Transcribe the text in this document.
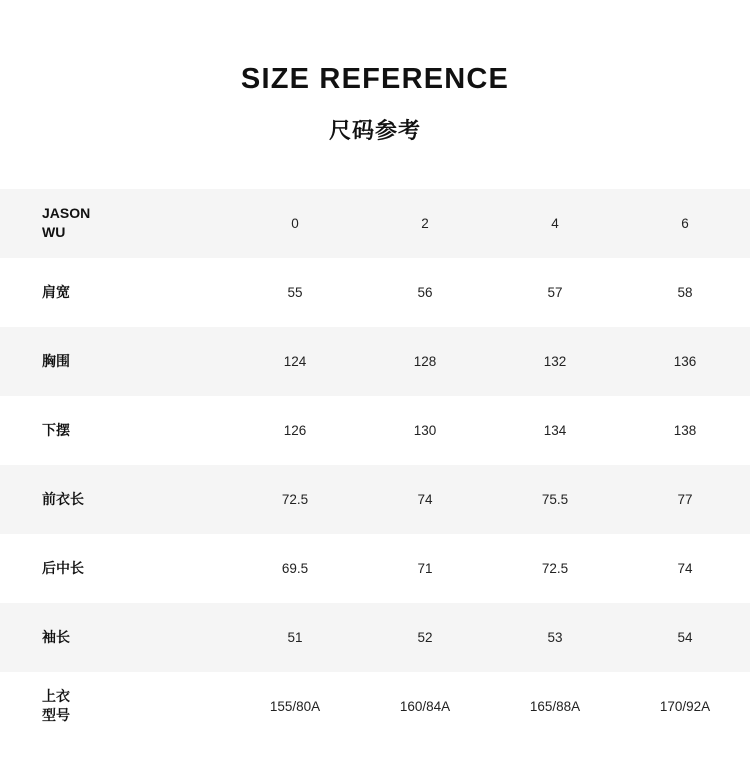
SIZE REFERENCE
尺码参考
JASON
WU	0	2	4	6

肩宽	55	56	57	58

胸围	124	128	132	136

下摆	126	130	134	138

前衣长	72.5	74	75.5	77

后中长	69.5	71	72.5	74

袖长	51	52	53	54

上衣
型号	155/80A	160/84A	165/88A	170/92A
